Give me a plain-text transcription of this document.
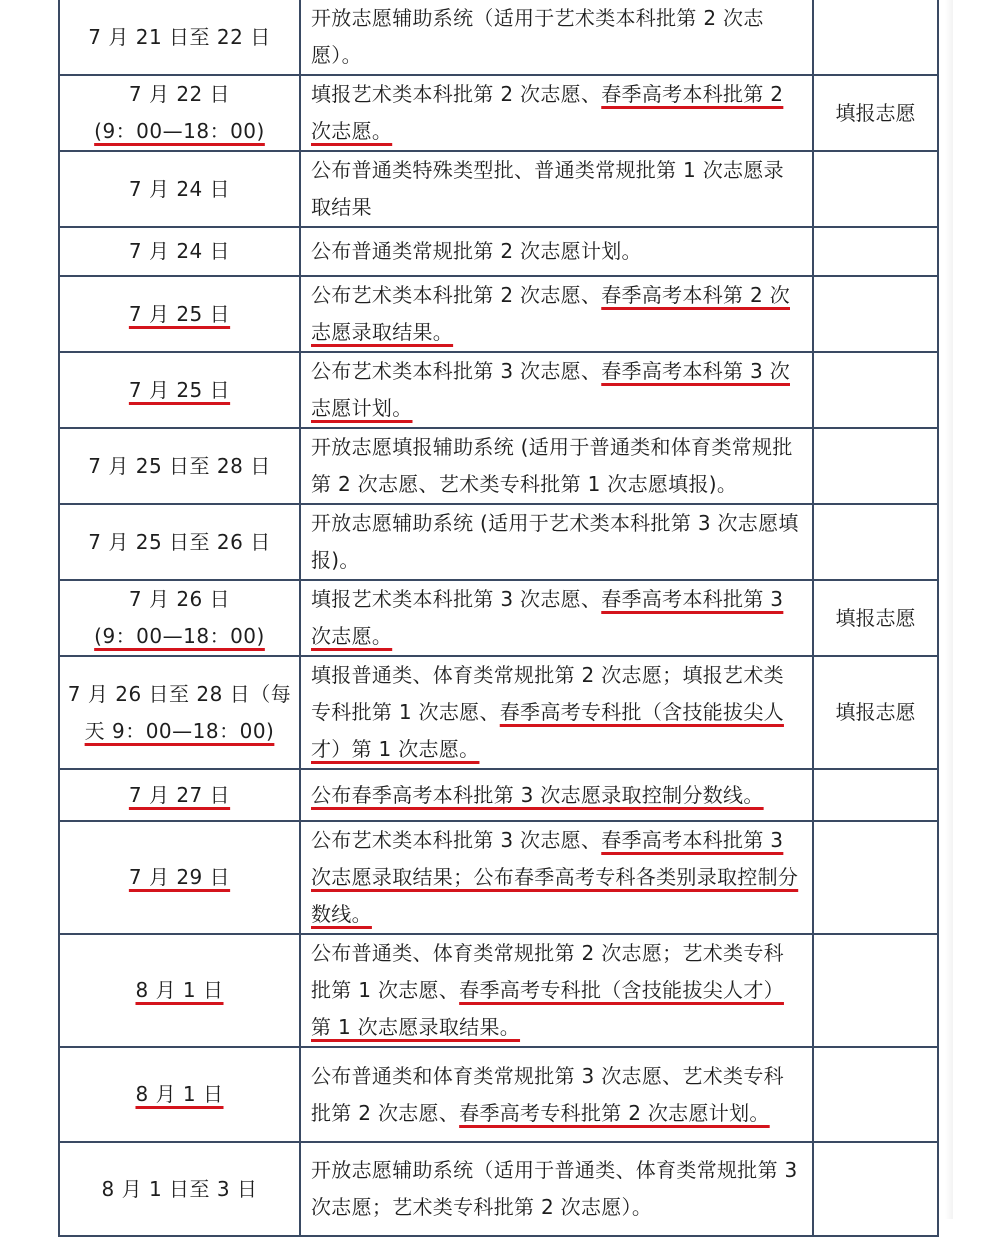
7 月 21 日至 22 日	开放志愿辅助系统（适用于艺术类本科批第 2 次志愿）。	

7 月 22 日
(9：00—18：00)	填报艺术类本科批第 2 次志愿、春季高考本科批第 2 次志愿。	填报志愿

7 月 24 日	公布普通类特殊类型批、普通类常规批第 1 次志愿录取结果	

7 月 24 日	公布普通类常规批第 2 次志愿计划。	

7 月 25 日	公布艺术类本科批第 2 次志愿、春季高考本科第 2 次志愿录取结果。	

7 月 25 日	公布艺术类本科批第 3 次志愿、春季高考本科第 3 次志愿计划。	

7 月 25 日至 28 日	开放志愿填报辅助系统 (适用于普通类和体育类常规批第 2 次志愿、艺术类专科批第 1 次志愿填报)。	

7 月 25 日至 26 日	开放志愿辅助系统 (适用于艺术类本科批第 3 次志愿填报)。	

7 月 26 日
(9：00—18：00)	填报艺术类本科批第 3 次志愿、春季高考本科批第 3 次志愿。	填报志愿

7 月 26 日至 28 日（每
天 9：00—18：00)	填报普通类、体育类常规批第 2 次志愿；填报艺术类专科批第 1 次志愿、春季高考专科批（含技能拔尖人才）第 1 次志愿。	填报志愿

7 月 27 日	公布春季高考本科批第 3 次志愿录取控制分数线。	

7 月 29 日	公布艺术类本科批第 3 次志愿、春季高考本科批第 3 次志愿录取结果；公布春季高考专科各类别录取控制分数线。	

8 月 1 日	公布普通类、体育类常规批第 2 次志愿；艺术类专科批第 1 次志愿、春季高考专科批（含技能拔尖人才）第 1 次志愿录取结果。	

8 月 1 日	公布普通类和体育类常规批第 3 次志愿、艺术类专科批第 2 次志愿、春季高考专科批第 2 次志愿计划。	

8 月 1 日至 3 日	开放志愿辅助系统（适用于普通类、体育类常规批第 3 次志愿；艺术类专科批第 2 次志愿）。	
